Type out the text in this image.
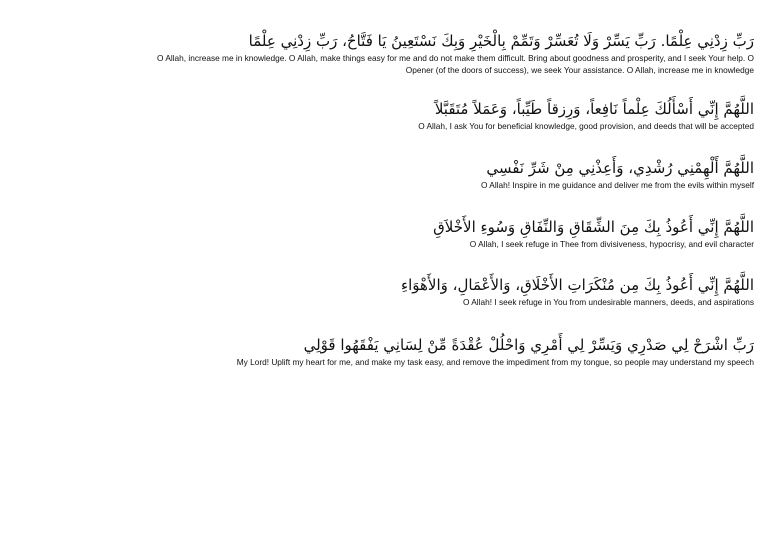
رَبِّ زِدْنِي عِلْمًا. رَبِّ يَسِّرْ وَلَا تُعَسِّرْ وَتَمِّمْ بِالْخَيْرِ وَبِكَ نَسْتَعِينُ يَا فَتَّاحُ، رَبِّ زِدْنِي عِلْمًا
O Allah, increase me in knowledge. O Allah, make things easy for me and do not make them difficult. Bring about goodness and prosperity, and I seek Your help. O Opener (of the doors of success), we seek Your assistance. O Allah, increase me in knowledge
اللَّهُمَّ إِنِّي أَسْأَلُكَ عِلْماً نَافِعاً، وَرِزقاً طَيِّباً، وَعَمَلاً مُتَقَبَّلاً
O Allah, I ask You for beneficial knowledge, good provision, and deeds that will be accepted
اللَّهُمَّ أَلْهِمْنِي رُشْدِي، وَأَعِذْنِي مِنْ شَرِّ نَفْسِي
O Allah! Inspire in me guidance and deliver me from the evils within myself
اللَّهُمَّ إِنِّي أَعُوذُ بِكَ مِنَ الشِّقَاقِ وَالنِّفَاقِ وَسُوءِ الأَخْلاَقِ
O Allah, I seek refuge in Thee from divisiveness, hypocrisy, and evil character
اللَّهُمَّ إِنِّي أَعُوذُ بِكَ مِن مُنْكَرَاتِ الأَخْلَاقِ، وَالأَعْمَالِ، وَالأَهْوَاءِ
O Allah! I seek refuge in You from undesirable manners, deeds, and aspirations
رَبِّ اشْرَحْ لِي صَدْرِي وَيَسِّرْ لِي أَمْرِي وَاحْلُلْ عُقْدَةً مِّنْ لِسَانِي يَفْقَهُوا قَوْلِي
My Lord! Uplift my heart for me, and make my task easy, and remove the impediment from my tongue, so people may understand my speech
